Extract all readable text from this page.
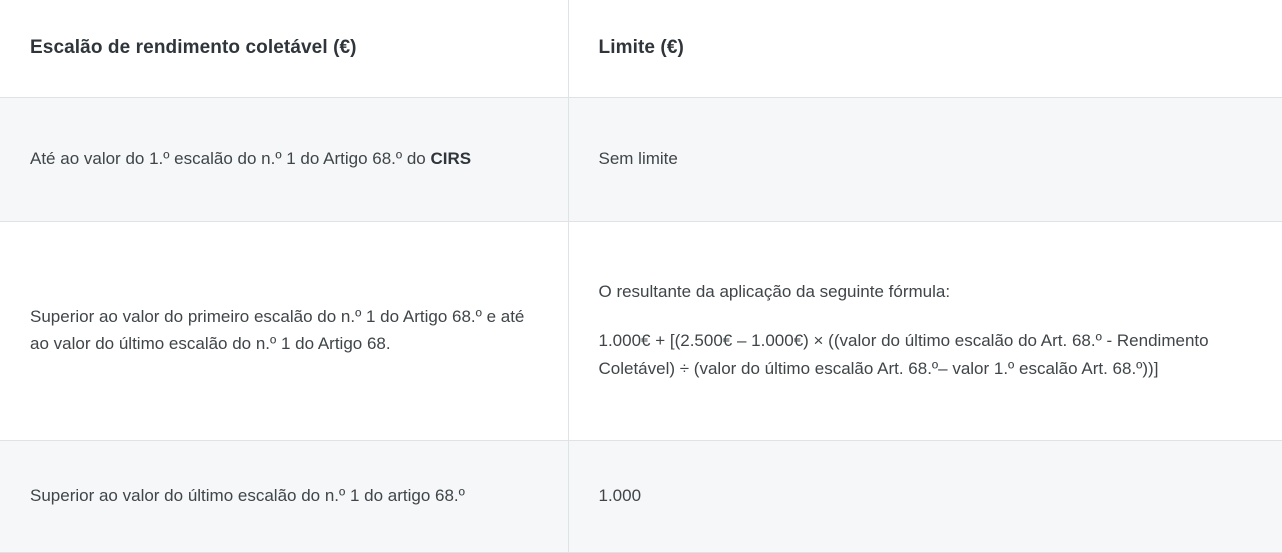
Escalão de rendimento coletável (€)	Limite (€)
Até ao valor do 1.º escalão do n.º 1 do Artigo 68.º do CIRS	Sem limite
Superior ao valor do primeiro escalão do n.º 1 do Artigo 68.º e até ao valor do último escalão do n.º 1 do Artigo 68.	O resultante da aplicação da seguinte fórmula:

1.000€ + [(2.500€ – 1.000€) × ((valor do último escalão do Art. 68.º - Rendimento Coletável) ÷ (valor do último escalão Art. 68.º– valor 1.º escalão Art. 68.º))]

Superior ao valor do último escalão do n.º 1 do artigo 68.º	1.000
